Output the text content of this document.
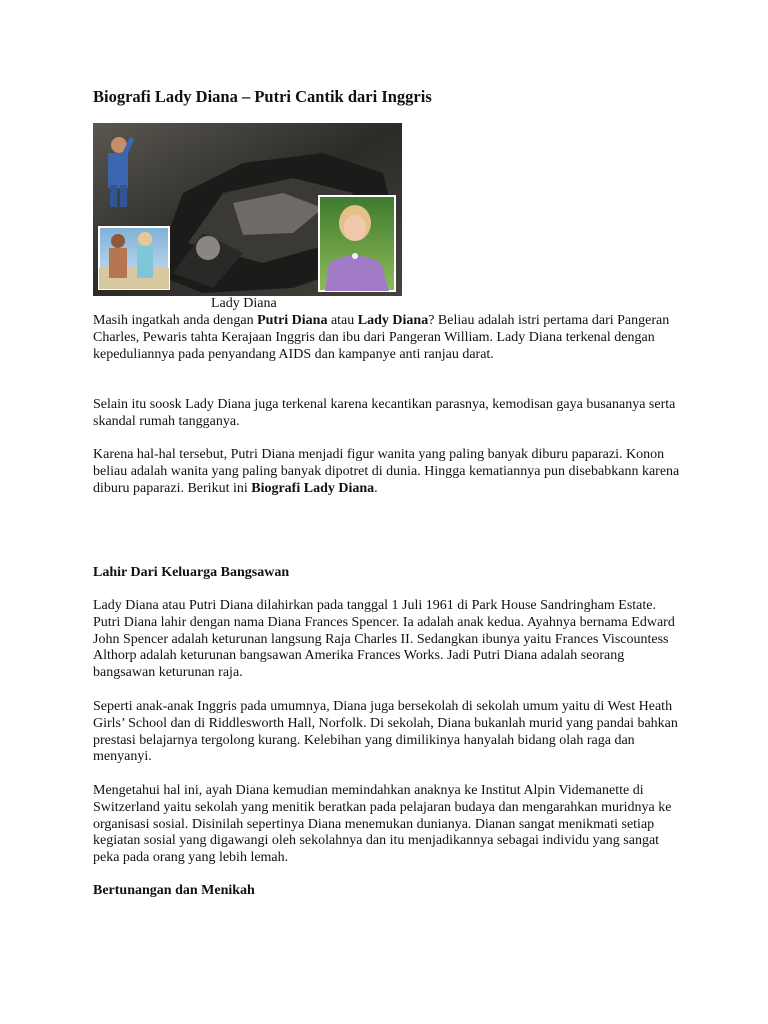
Biografi Lady Diana – Putri Cantik dari Inggris
Lady Diana

Masih ingatkah anda dengan Putri Diana atau Lady Diana? Beliau adalah istri pertama dari Pangeran Charles, Pewaris tahta Kerajaan Inggris dan ibu dari Pangeran William. Lady Diana terkenal dengan kepeduliannya pada penyandang AIDS dan kampanye anti ranjau darat.

Selain itu soosk Lady Diana juga terkenal karena kecantikan parasnya, kemodisan gaya busananya serta skandal rumah tangganya.

Karena hal-hal tersebut, Putri Diana menjadi figur wanita yang paling banyak diburu paparazi. Konon beliau adalah wanita yang paling banyak dipotret di dunia. Hingga kematiannya pun disebabkann karena diburu paparazi. Berikut ini Biografi Lady Diana.

Lahir Dari Keluarga Bangsawan

Lady Diana atau Putri Diana dilahirkan pada tanggal 1 Juli 1961 di Park House Sandringham Estate. Putri Diana lahir dengan nama Diana Frances Spencer. Ia adalah anak kedua. Ayahnya bernama Edward John Spencer adalah keturunan langsung Raja Charles II. Sedangkan ibunya yaitu Frances Viscountess Althorp adalah keturunan bangsawan Amerika Frances Works. Jadi Putri Diana adalah seorang bangsawan keturunan raja.

Seperti anak-anak Inggris pada umumnya, Diana juga bersekolah di sekolah umum yaitu di West Heath Girls’ School dan di Riddlesworth Hall, Norfolk. Di sekolah, Diana bukanlah murid yang pandai bahkan prestasi belajarnya tergolong kurang. Kelebihan yang dimilikinya hanyalah bidang olah raga dan menyanyi.

Mengetahui hal ini, ayah Diana kemudian memindahkan anaknya ke Institut Alpin Videmanette di Switzerland yaitu sekolah yang menitik beratkan pada pelajaran budaya dan mengarahkan muridnya ke organisasi sosial. Disinilah sepertinya Diana menemukan dunianya. Dianan sangat menikmati setiap kegiatan sosial yang digawangi oleh sekolahnya dan itu menjadikannya sebagai individu yang sangat peka pada orang yang lebih lemah.

Bertunangan dan Menikah
